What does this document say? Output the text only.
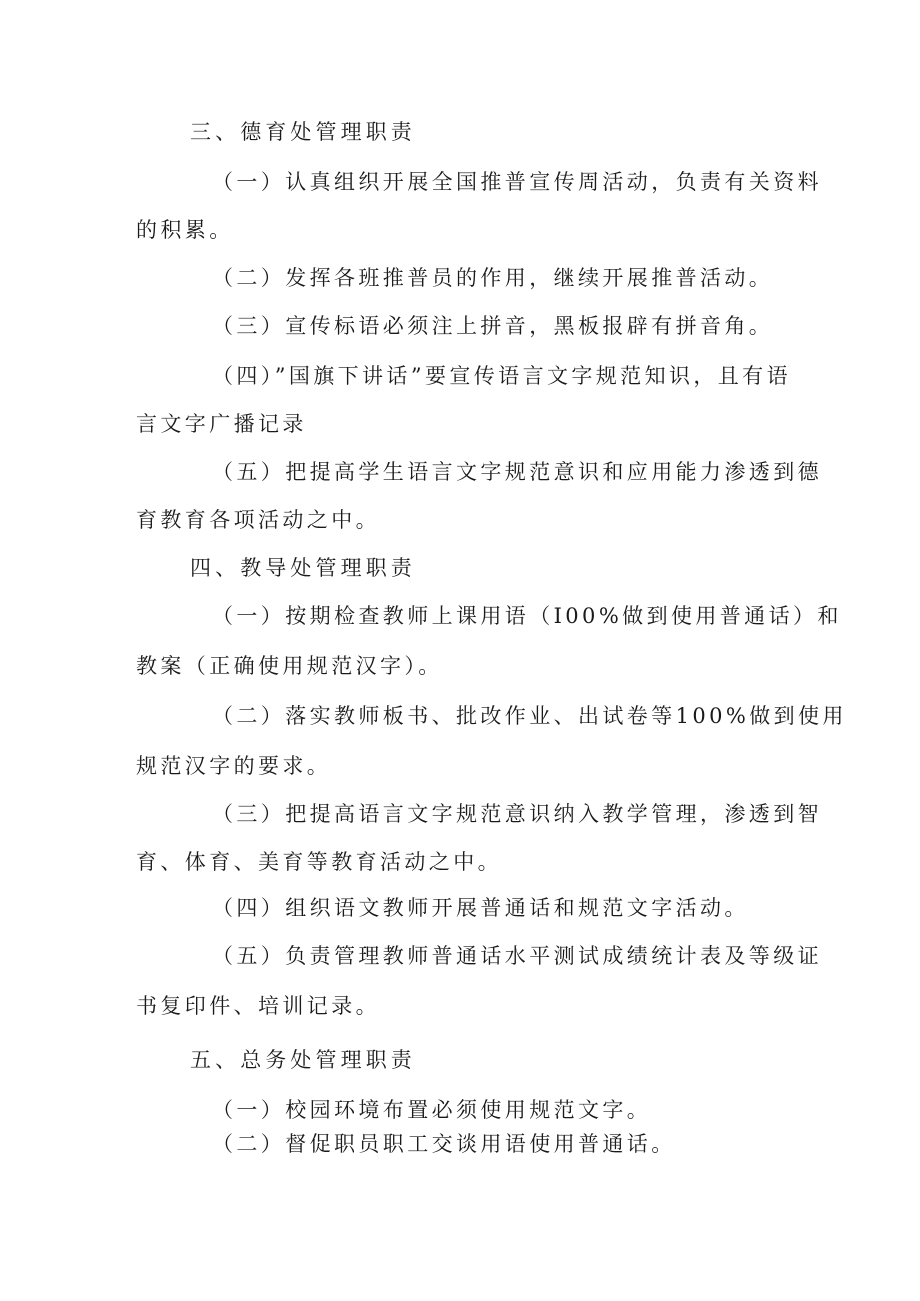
三、德育处管理职责
（一）认真组织开展全国推普宣传周活动，负责有关资料
的积累。
（二）发挥各班推普员的作用，继续开展推普活动。
（三）宣传标语必须注上拼音，黑板报辟有拼音角。
（四）”国旗下讲话”要宣传语言文字规范知识，且有语
言文字广播记录
（五）把提高学生语言文字规范意识和应用能力渗透到德
育教育各项活动之中。
四、教导处管理职责
（一）按期检查教师上课用语（I00%做到使用普通话）和
教案（正确使用规范汉字）。
（二）落实教师板书、批改作业、出试卷等100%做到使用
规范汉字的要求。
（三）把提高语言文字规范意识纳入教学管理，渗透到智
育、体育、美育等教育活动之中。
（四）组织语文教师开展普通话和规范文字活动。
（五）负责管理教师普通话水平测试成绩统计表及等级证
书复印件、培训记录。
五、总务处管理职责
（一）校园环境布置必须使用规范文字。
（二）督促职员职工交谈用语使用普通话。
